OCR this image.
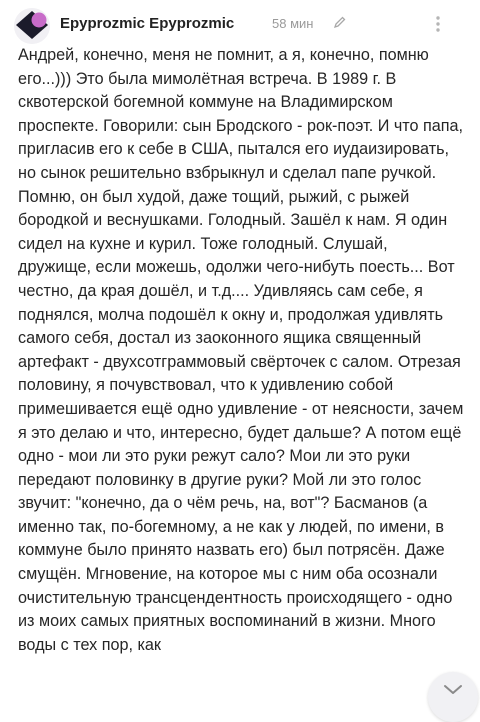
Epyprozmic Epyprozmic	58 мин

Андрей, конечно, меня не помнит, а я, конечно, помню его...))) Это была мимолётная встреча. В 1989 г. В сквотерской богемной коммуне на Владимирском проспекте. Говорили: сын Бродского - рок-поэт. И что папа, пригласив его к себе в США, пытался его иудаизировать, но сынок решительно взбрыкнул и сделал папе ручкой. Помню, он был худой, даже тощий, рыжий, с рыжей бородкой и веснушками. Голодный. Зашёл к нам. Я один сидел на кухне и курил. Тоже голодный. Слушай, дружище, если можешь, одолжи чего-нибуть поесть... Вот честно, да края дошёл, и т.д.... Удивляясь сам себе, я поднялся, молча подошёл к окну и, продолжая удивлять самого себя, достал из заоконного ящика священный артефакт - двухсотграммовый свёрточек с салом. Отрезая половину, я почувствовал, что к удивлению собой примешивается ещё одно удивление - от неясности, зачем я это делаю и что, интересно, будет дальше? А потом ещё одно - мои ли это руки режут сало? Мои ли это руки передают половинку в другие руки? Мой ли это голос звучит: "конечно, да о чём речь, на, вот"? Басманов (а именно так, по-богемному, а не как у людей, по имени, в коммуне было принято назвать его) был потрясён. Даже смущён. Мгновение, на которое мы с ним оба осознали очистительную трансцендентность происходящего - одно из моих самых приятных воспоминаний в жизни. Много воды с тех пор, как
